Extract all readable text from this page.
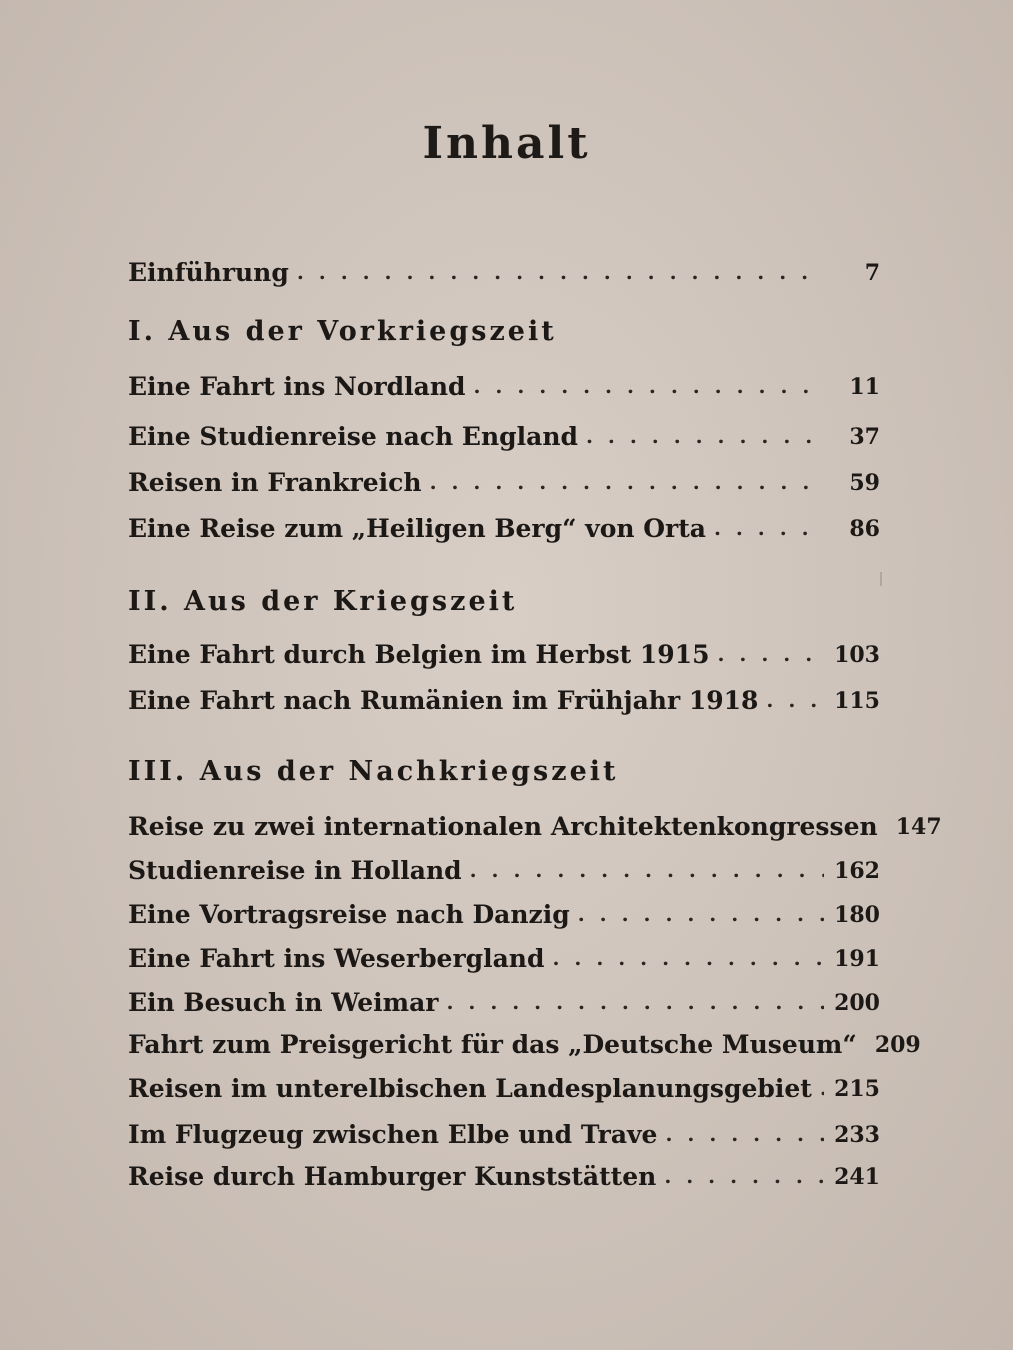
Inhalt
Einführung . . .	7
I. Aus der Vorkriegszeit
Eine Fahrt ins Nordland . . .	11
Eine Studienreise nach England . . .	37
Reisen in Frankreich . . .	59
Eine Reise zum „Heiligen Berg“ von Orta . . .	86
II. Aus der Kriegszeit
Eine Fahrt durch Belgien im Herbst 1915 . . .	103
Eine Fahrt nach Rumänien im Frühjahr 1918 . . .	115
III. Aus der Nachkriegszeit
Reise zu zwei internationalen Architektenkongressen 147
Studienreise in Holland . . .	162
Eine Vortragsreise nach Danzig . . .	180
Eine Fahrt ins Weserbergland . . .	191
Ein Besuch in Weimar . . .	200
Fahrt zum Preisgericht für das „Deutsche Museum“ 209
Reisen im unterelbischen Landesplanungsgebiet . . . 215
Im Flugzeug zwischen Elbe und Trave . . .	233
Reise durch Hamburger Kunststätten . . .	241
